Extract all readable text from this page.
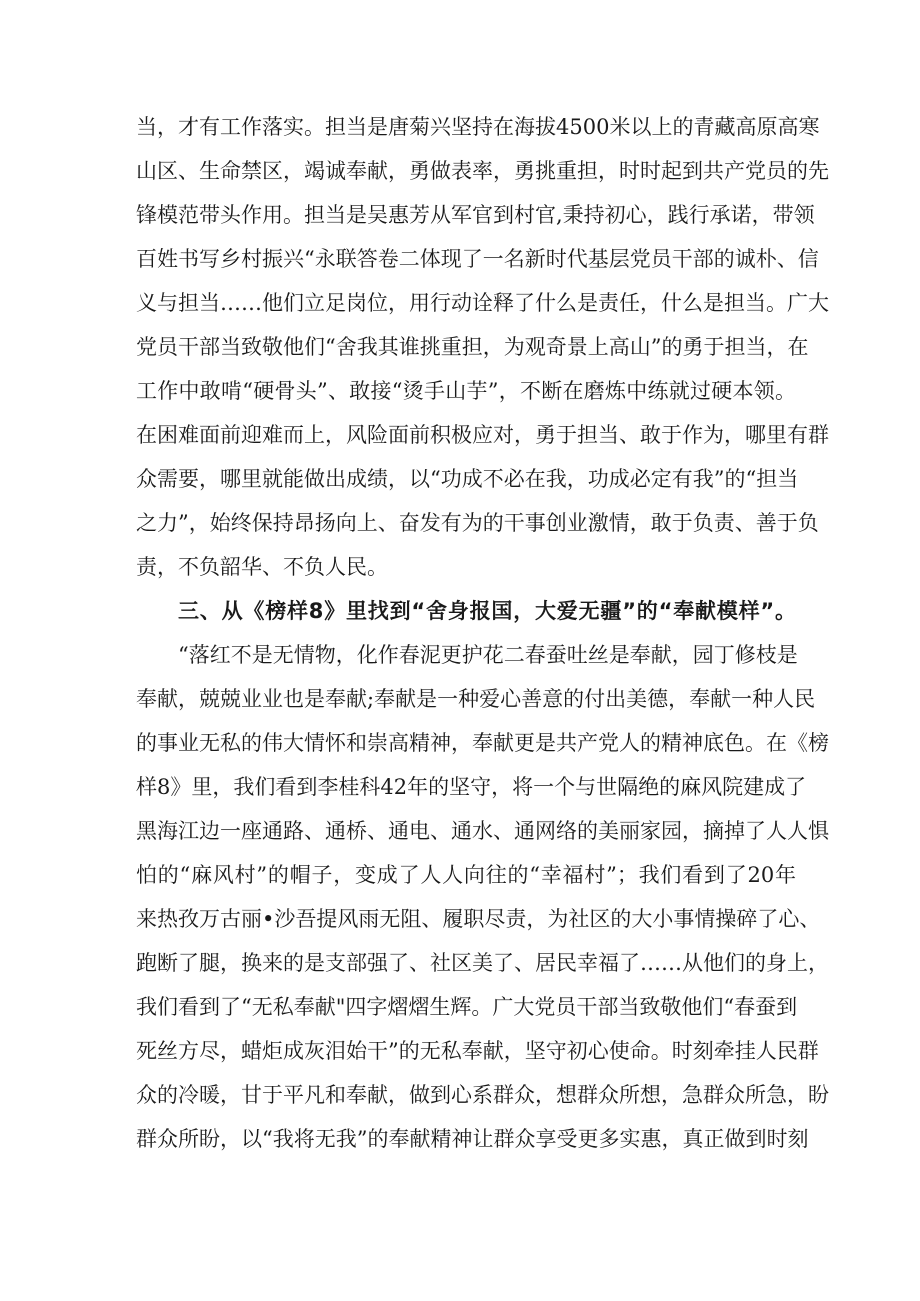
当，才有工作落实。担当是唐菊兴坚持在海拔4500米以上的青藏高原高寒
山区、生命禁区，竭诚奉献，勇做表率，勇挑重担，时时起到共产党员的先
锋模范带头作用。担当是吴惠芳从军官到村官,秉持初心，践行承诺，带领
百姓书写乡村振兴“永联答卷二体现了一名新时代基层党员干部的诚朴、信
义与担当……他们立足岗位，用行动诠释了什么是责任，什么是担当。广大
党员干部当致敬他们“舍我其谁挑重担，为观奇景上高山”的勇于担当，在
工作中敢啃“硬骨头”、敢接“烫手山芋”，不断在磨炼中练就过硬本领。
在困难面前迎难而上，风险面前积极应对，勇于担当、敢于作为，哪里有群
众需要，哪里就能做出成绩，以“功成不必在我，功成必定有我”的“担当
之力”，始终保持昂扬向上、奋发有为的干事创业激情，敢于负责、善于负
责，不负韶华、不负人民。
三、从《榜样8》里找到“舍身报国，大爱无疆”的“奉献模样”。
“落红不是无情物，化作春泥更护花二春蚕吐丝是奉献，园丁修枝是
奉献，兢兢业业也是奉献;奉献是一种爱心善意的付出美德，奉献一种人民
的事业无私的伟大情怀和崇高精神，奉献更是共产党人的精神底色。在《榜
样8》里，我们看到李桂科42年的坚守，将一个与世隔绝的麻风院建成了
黑海江边一座通路、通桥、通电、通水、通网络的美丽家园，摘掉了人人惧
怕的“麻风村”的帽子，变成了人人向往的“幸福村”；我们看到了20年
来热孜万古丽•沙吾提风雨无阻、履职尽责，为社区的大小事情操碎了心、
跑断了腿，换来的是支部强了、社区美了、居民幸福了……从他们的身上，
我们看到了“无私奉献"四字熠熠生辉。广大党员干部当致敬他们“春蚕到
死丝方尽，蜡炬成灰泪始干”的无私奉献，坚守初心使命。时刻牵挂人民群
众的冷暖，甘于平凡和奉献，做到心系群众，想群众所想，急群众所急，盼
群众所盼，以“我将无我”的奉献精神让群众享受更多实惠，真正做到时刻
